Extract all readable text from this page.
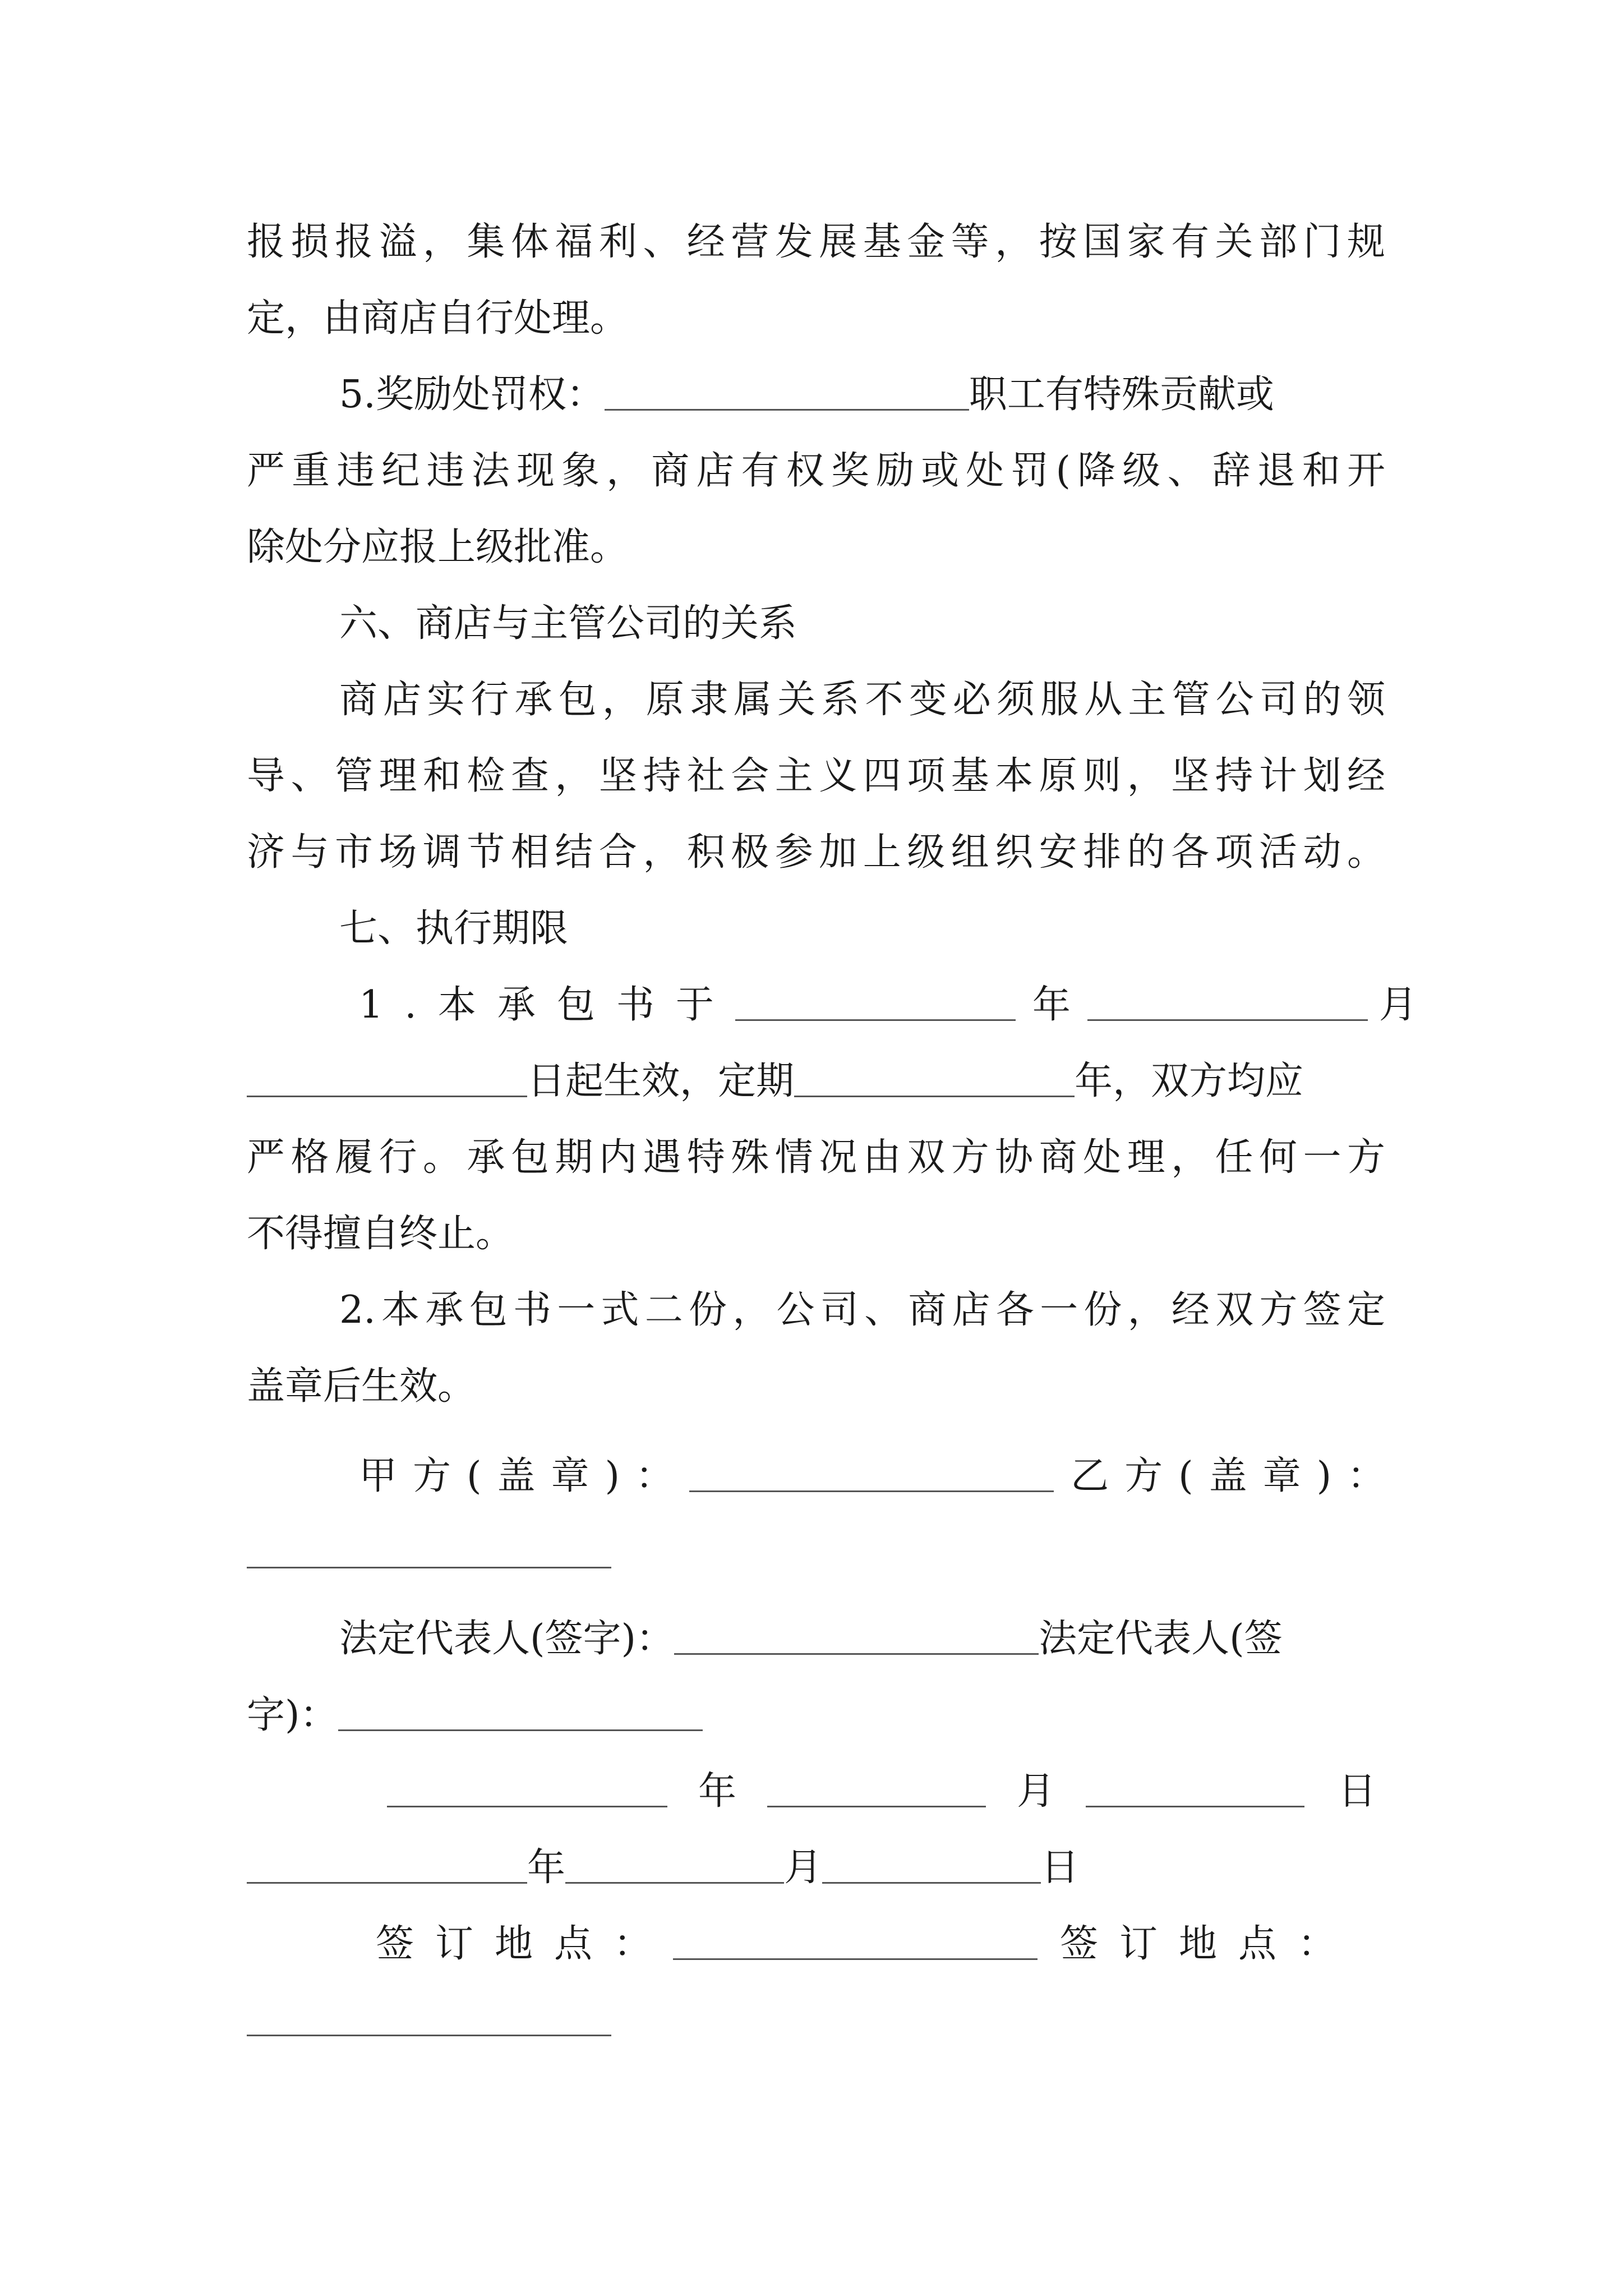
报损报溢，集体福利、经营发展基金等，按国家有关部门规
定，由商店自行处理。
5.奖励处罚权：	职工有特殊贡献或
严重违纪违法现象，商店有权奖励或处罚(降级、辞退和开
除处分应报上级批准。
六、商店与主管公司的关系
商店实行承包，原隶属关系不变必须服从主管公司的领
导、管理和检查，坚持社会主义四项基本原则，坚持计划经
济与市场调节相结合，积极参加上级组织安排的各项活动。
七、执行期限
1.本承包书于	年	月
日起生效，定期	年，双方均应
严格履行。承包期内遇特殊情况由双方协商处理，任何一方
不得擅自终止。
2.本承包书一式二份，公司、商店各一份，经双方签定
盖章后生效。
甲方(盖章)：	乙方(盖章)：
法定代表人(签字)：	法定代表人(签
字)：
年	月	日
年	月	日
签订地点：	签订地点：
